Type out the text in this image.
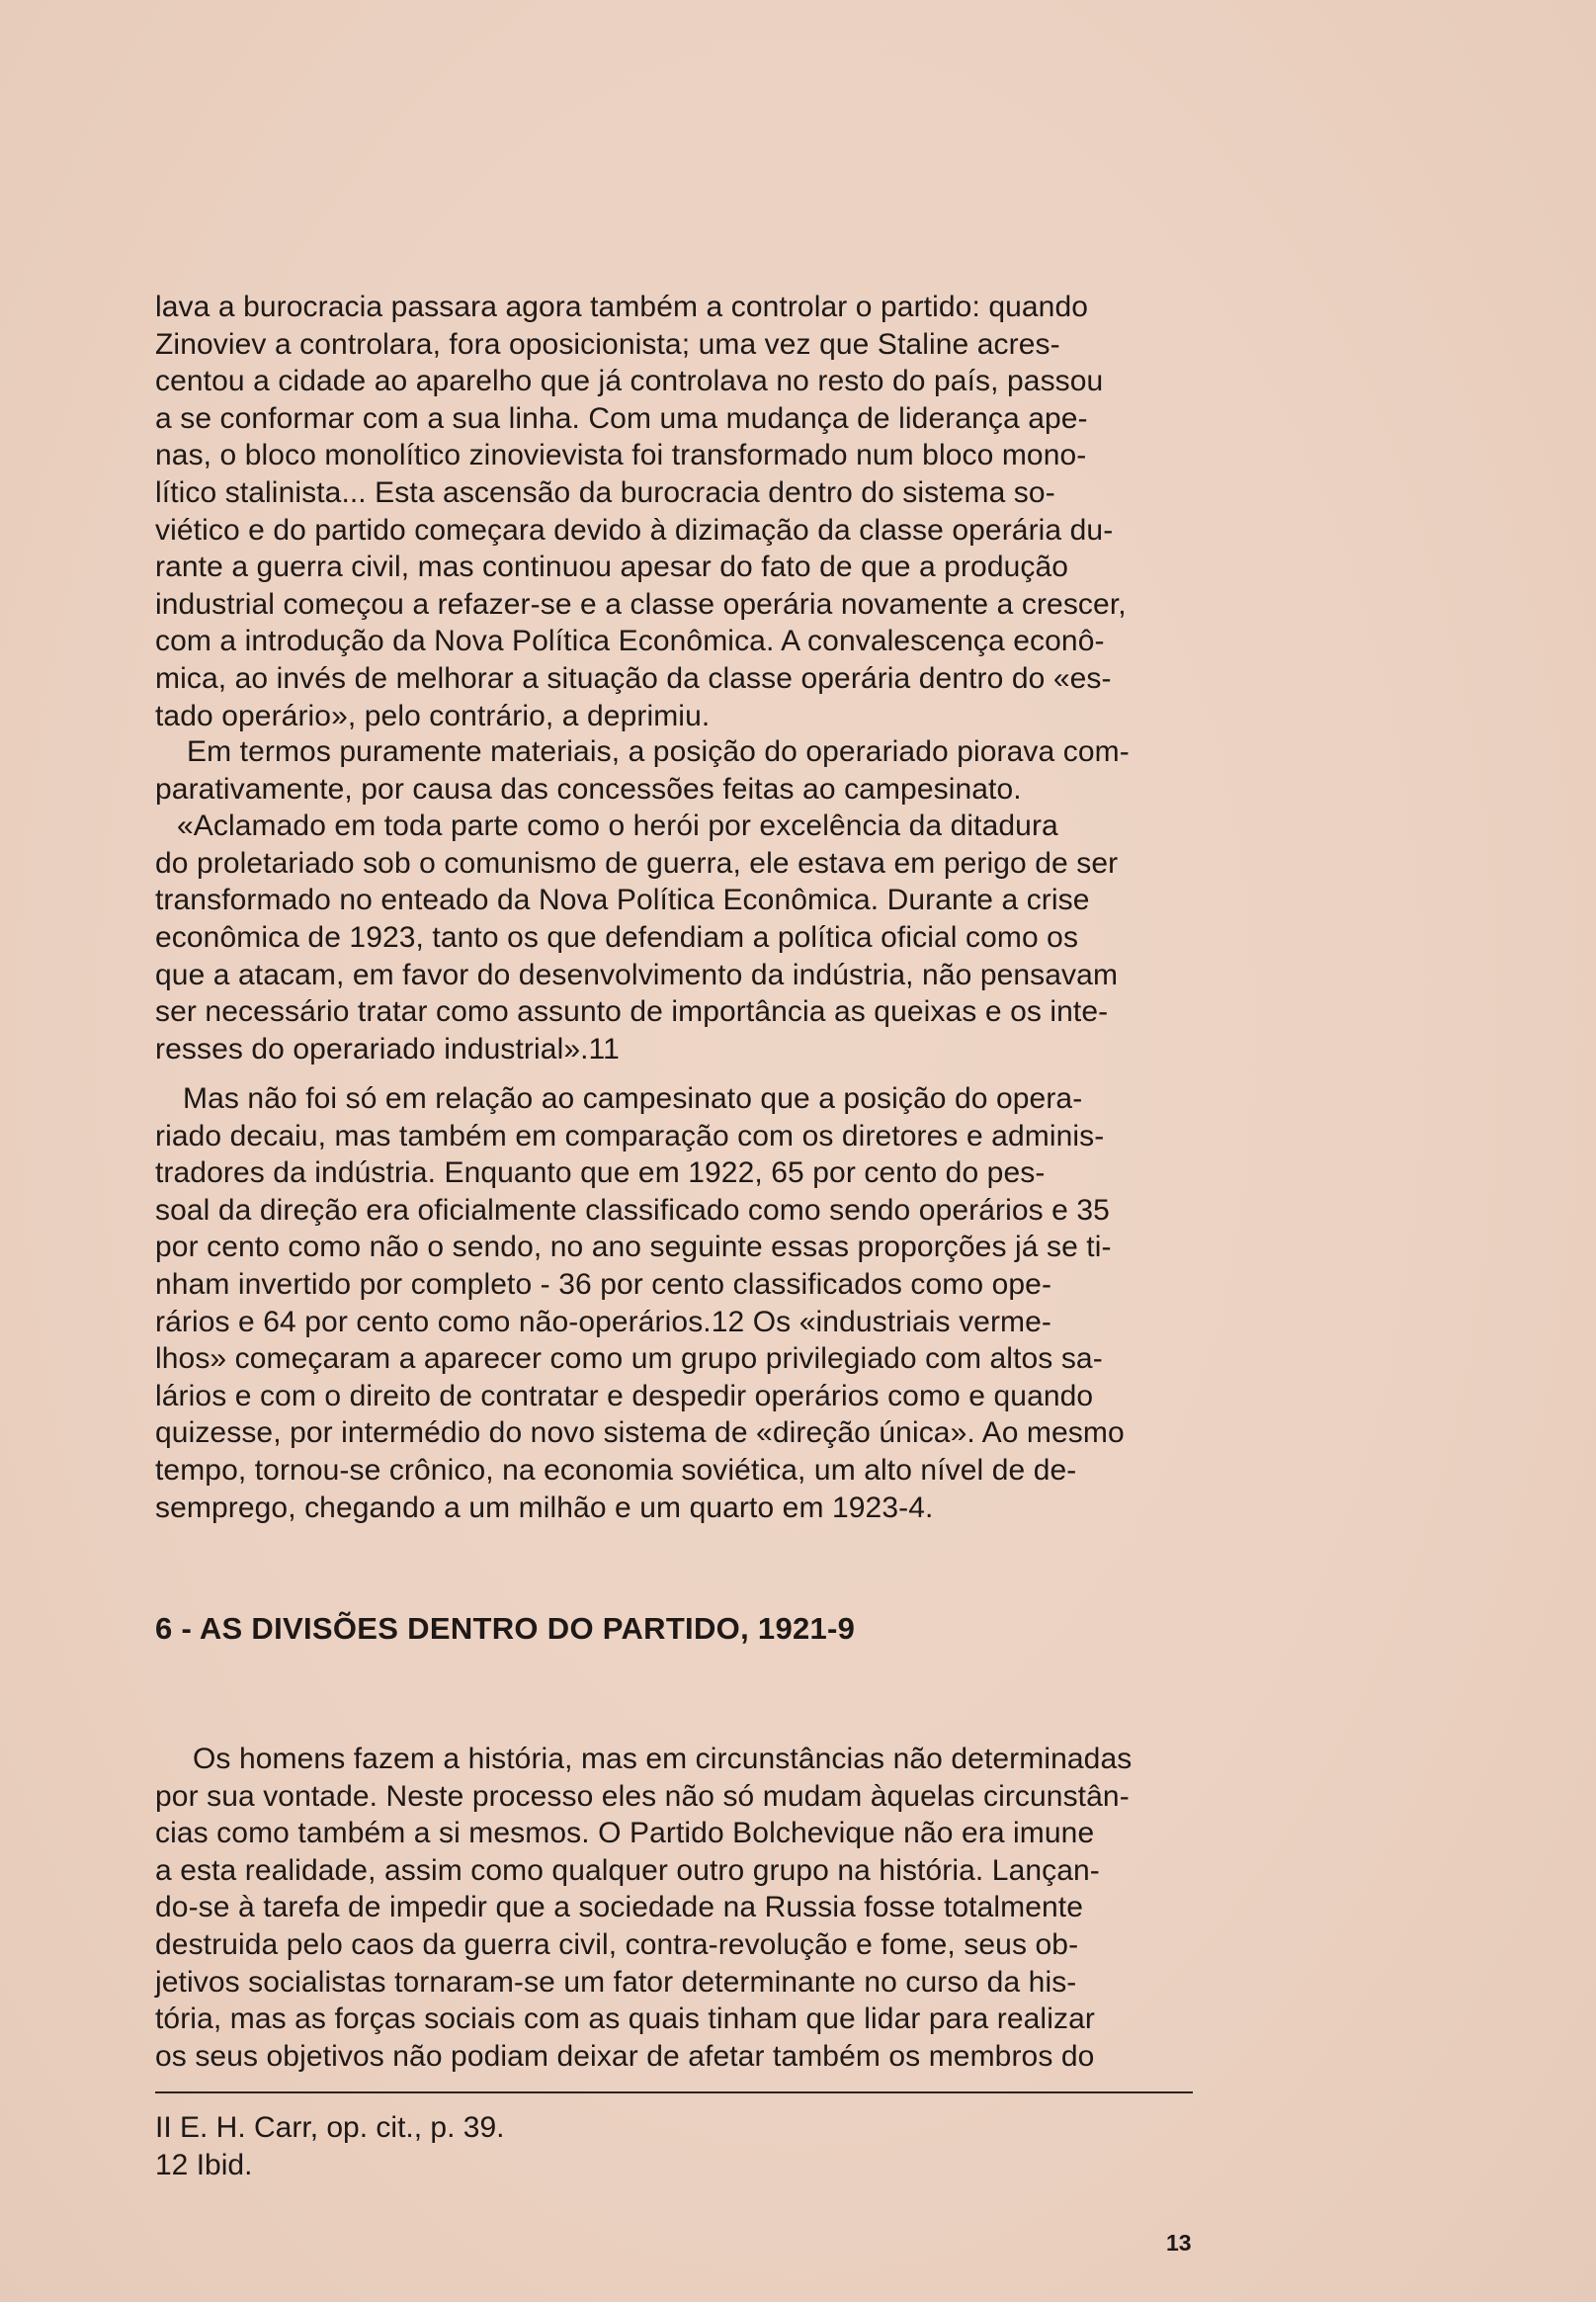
lava a burocracia passara agora também a controlar o partido: quando
Zinoviev a controlara, fora oposicionista; uma vez que Staline acres-
centou a cidade ao aparelho que já controlava no resto do país, passou
a se conformar com a sua linha. Com uma mudança de liderança ape-
nas, o bloco monolítico zinovievista foi transformado num bloco mono-
lítico stalinista... Esta ascensão da burocracia dentro do sistema so-
viético e do partido começara devido à dizimação da classe operária du-
rante a guerra civil, mas continuou apesar do fato de que a produção
industrial começou a refazer-se e a classe operária novamente a crescer,
com a introdução da Nova Política Econômica. A convalescença econô-
mica, ao invés de melhorar a situação da classe operária dentro do «es-
tado operário», pelo contrário, a deprimiu.
Em termos puramente materiais, a posição do operariado piorava com-
parativamente, por causa das concessões feitas ao campesinato.
«Aclamado em toda parte como o herói por excelência da ditadura
do proletariado sob o comunismo de guerra, ele estava em perigo de ser
transformado no enteado da Nova Política Econômica. Durante a crise
econômica de 1923, tanto os que defendiam a política oficial como os
que a atacam, em favor do desenvolvimento da indústria, não pensavam
ser necessário tratar como assunto de importância as queixas e os inte-
resses do operariado industrial».11
Mas não foi só em relação ao campesinato que a posição do opera-
riado decaiu, mas também em comparação com os diretores e adminis-
tradores da indústria. Enquanto que em 1922, 65 por cento do pes-
soal da direção era oficialmente classificado como sendo operários e 35
por cento como não o sendo, no ano seguinte essas proporções já se ti-
nham invertido por completo - 36 por cento classificados como ope-
rários e 64 por cento como não-operários.12 Os «industriais verme-
lhos» começaram a aparecer como um grupo privilegiado com altos sa-
lários e com o direito de contratar e despedir operários como e quando
quizesse, por intermédio do novo sistema de «direção única». Ao mesmo
tempo, tornou-se crônico, na economia soviética, um alto nível de de-
semprego, chegando a um milhão e um quarto em 1923-4.
6 - AS DIVISÕES DENTRO DO PARTIDO, 1921-9
Os homens fazem a história, mas em circunstâncias não determinadas
por sua vontade. Neste processo eles não só mudam àquelas circunstân-
cias como também a si mesmos. O Partido Bolchevique não era imune
a esta realidade, assim como qualquer outro grupo na história. Lançan-
do-se à tarefa de impedir que a sociedade na Russia fosse totalmente
destruida pelo caos da guerra civil, contra-revolução e fome, seus ob-
jetivos socialistas tornaram-se um fator determinante no curso da his-
tória, mas as forças sociais com as quais tinham que lidar para realizar
os seus objetivos não podiam deixar de afetar também os membros do
II E. H. Carr, op. cit., p. 39.
12 Ibid.
13
